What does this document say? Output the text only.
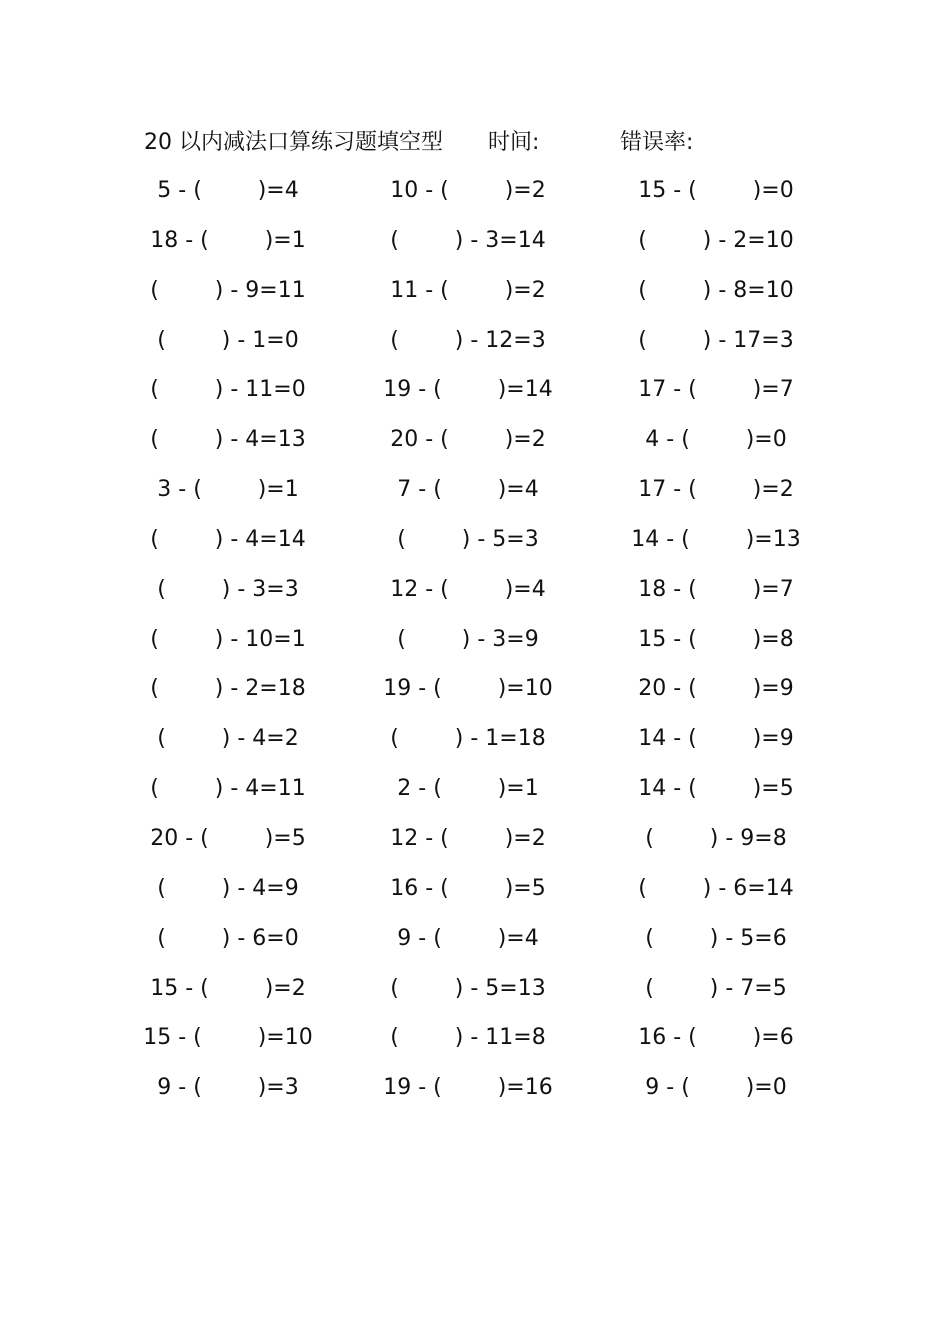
20 以内减法口算练习题填空型 时间:	错误率:
5 - (        )=4	10 - (        )=2	15 - (        )=0
18 - (        )=1	(        ) - 3=14	(        ) - 2=10
(        ) - 9=11	11 - (        )=2	(        ) - 8=10
(        ) - 1=0	(        ) - 12=3	(        ) - 17=3
(        ) - 11=0	19 - (        )=14	17 - (        )=7
(        ) - 4=13	20 - (        )=2	4 - (        )=0
3 - (        )=1	7 - (        )=4	17 - (        )=2
(        ) - 4=14	(        ) - 5=3	14 - (        )=13
(        ) - 3=3	12 - (        )=4	18 - (        )=7
(        ) - 10=1	(        ) - 3=9	15 - (        )=8
(        ) - 2=18	19 - (        )=10	20 - (        )=9
(        ) - 4=2	(        ) - 1=18	14 - (        )=9
(        ) - 4=11	2 - (        )=1	14 - (        )=5
20 - (        )=5	12 - (        )=2	(        ) - 9=8
(        ) - 4=9	16 - (        )=5	(        ) - 6=14
(        ) - 6=0	9 - (        )=4	(        ) - 5=6
15 - (        )=2	(        ) - 5=13	(        ) - 7=5
15 - (        )=10	(        ) - 11=8	16 - (        )=6
9 - (        )=3	19 - (        )=16	9 - (        )=0
